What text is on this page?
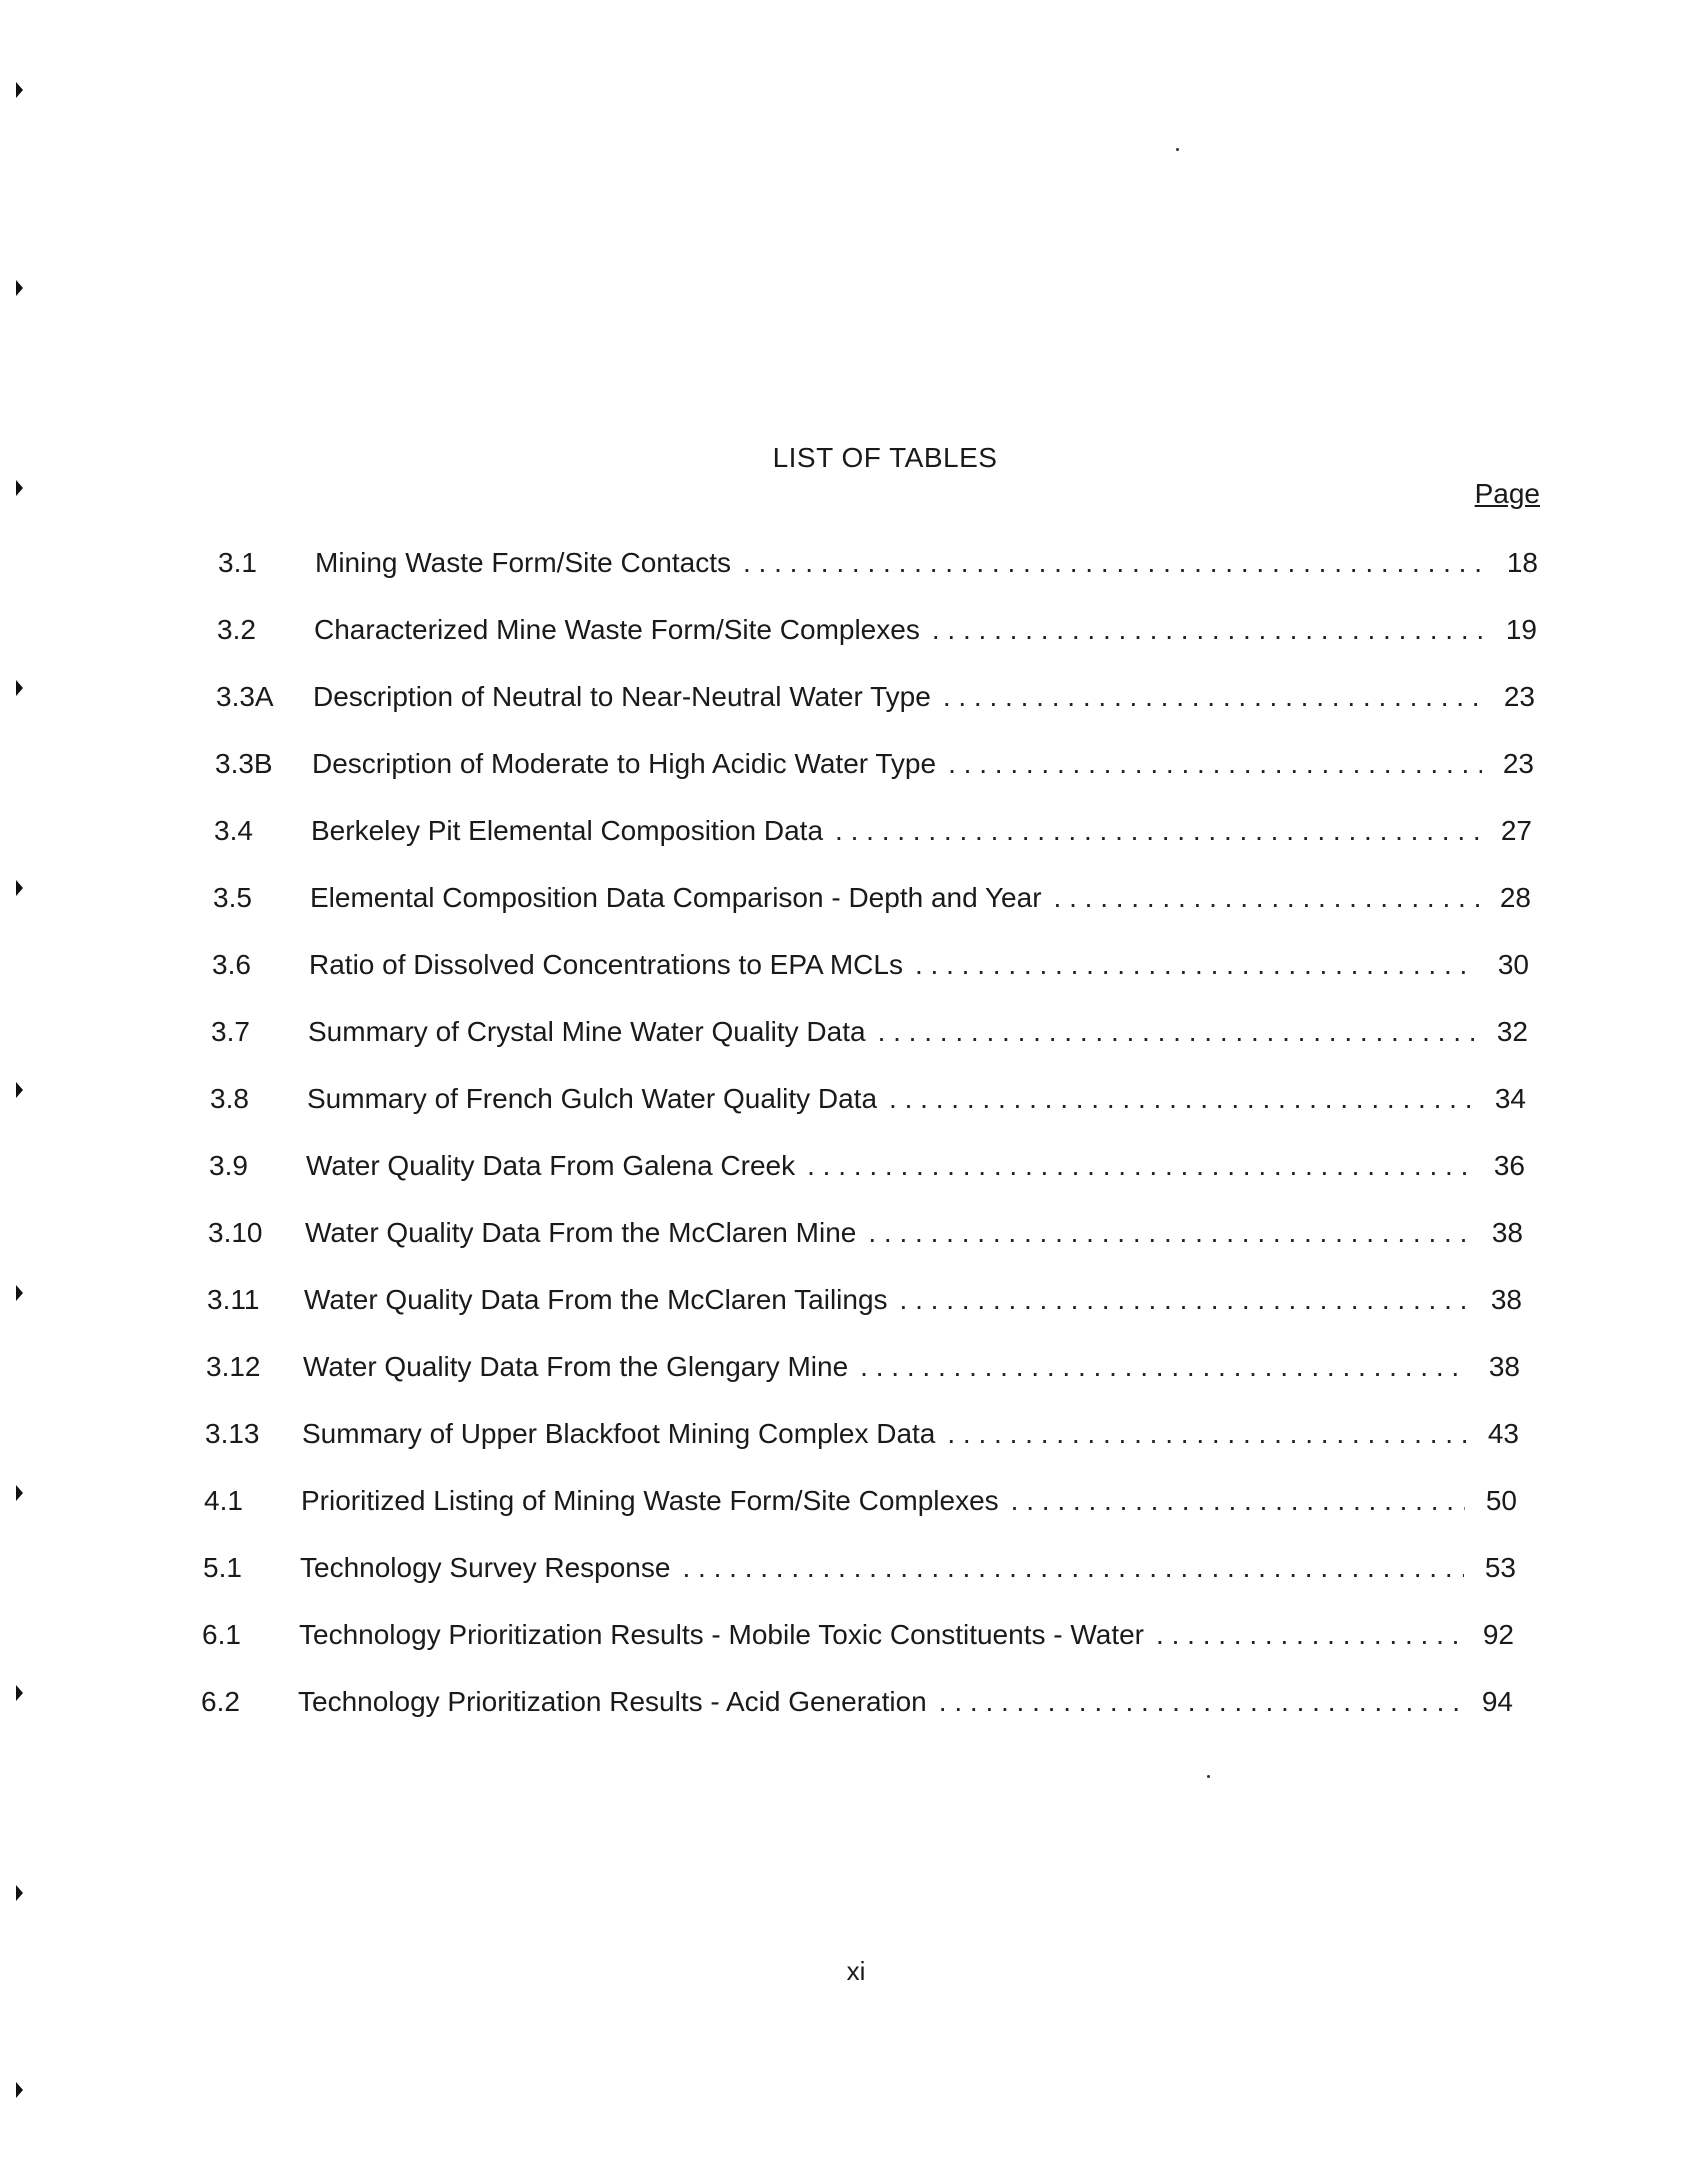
LIST OF TABLES
Page
3.1	Mining Waste Form/Site Contacts . . .	18
3.2	Characterized Mine Waste Form/Site Complexes . . .	19
3.3A	Description of Neutral to Near-Neutral Water Type . . .	23
3.3B	Description of Moderate to High Acidic Water Type . . .	23
3.4	Berkeley Pit Elemental Composition Data . . .	27
3.5	Elemental Composition Data Comparison - Depth and Year . . .	28
3.6	Ratio of Dissolved Concentrations to EPA MCLs . . .	30
3.7	Summary of Crystal Mine Water Quality Data . . .	32
3.8	Summary of French Gulch Water Quality Data . . .	34
3.9	Water Quality Data From Galena Creek . . .	36
3.10	Water Quality Data From the McClaren Mine . . .	38
3.11	Water Quality Data From the McClaren Tailings . . .	38
3.12	Water Quality Data From the Glengary Mine . . .	38
3.13	Summary of Upper Blackfoot Mining Complex Data . . .	43
4.1	Prioritized Listing of Mining Waste Form/Site Complexes . . .	50
5.1	Technology Survey Response . . .	53
6.1	Technology Prioritization Results - Mobile Toxic Constituents - Water . . .	92
6.2	Technology Prioritization Results - Acid Generation . . .	94
xi
